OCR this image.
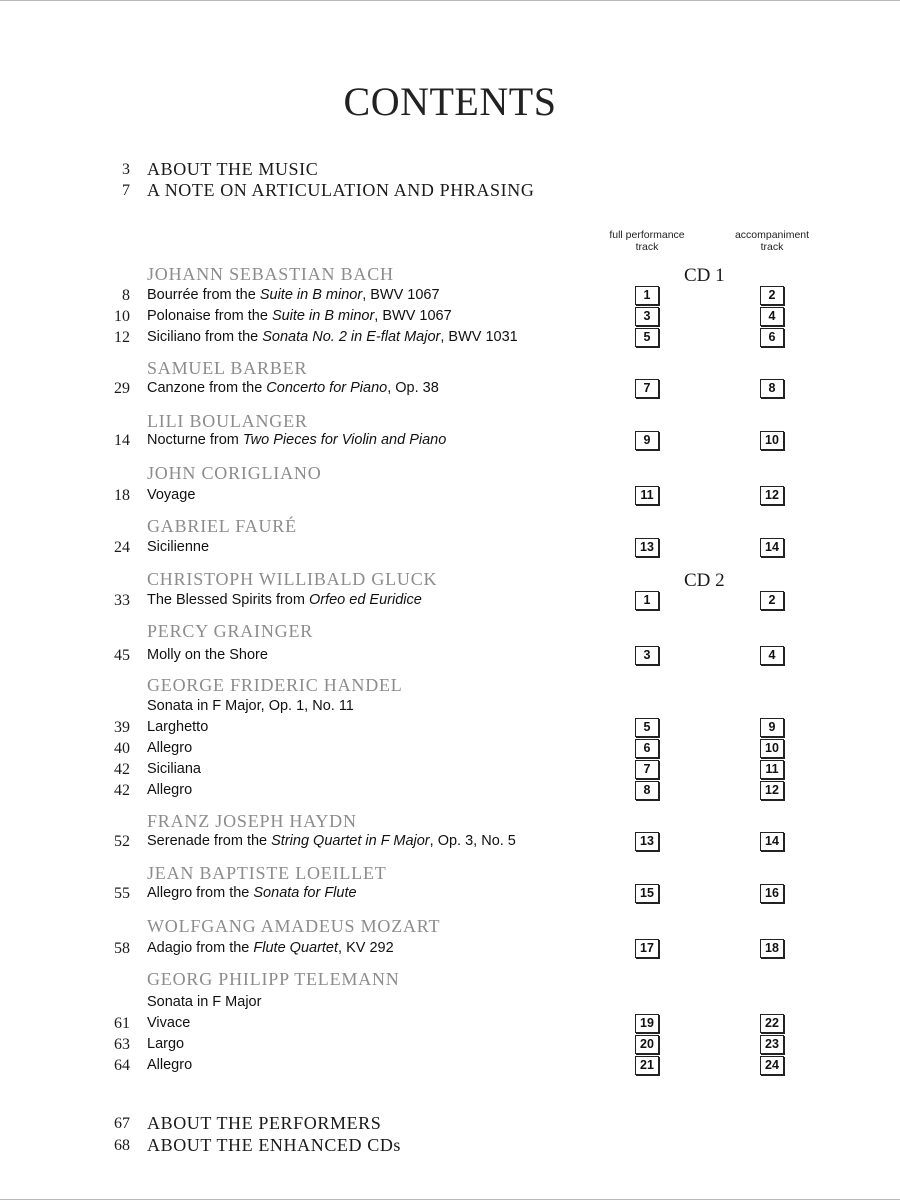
CONTENTS
3 ABOUT THE MUSIC
7 A NOTE ON ARTICULATION AND PHRASING
full performance
track
accompaniment
track
CD 1
CD 2
JOHANN SEBASTIAN BACH
SAMUEL BARBER
LILI BOULANGER
JOHN CORIGLIANO
GABRIEL FAURÉ
CHRISTOPH WILLIBALD GLUCK
PERCY GRAINGER
GEORGE FRIDERIC HANDEL
FRANZ JOSEPH HAYDN
JEAN BAPTISTE LOEILLET
WOLFGANG AMADEUS MOZART
GEORG PHILIPP TELEMANN
8 Bourrée from the Suite in B minor, BWV 1067	1	2
10 Polonaise from the Suite in B minor, BWV 1067	3	4
12 Siciliano from the Sonata No. 2 in E-flat Major, BWV 1031	5	6
29 Canzone from the Concerto for Piano, Op. 38	7	8
14 Nocturne from Two Pieces for Violin and Piano	9	10
18 Voyage	11	12
24 Sicilienne	13	14
33 The Blessed Spirits from Orfeo ed Euridice	1	2
45 Molly on the Shore	3	4
Sonata in F Major, Op. 1, No. 11
39 Larghetto	5	9
40 Allegro	6	10
42 Siciliana	7	11
42 Allegro	8	12
52 Serenade from the String Quartet in F Major, Op. 3, No. 5	13	14
55 Allegro from the Sonata for Flute	15	16
58 Adagio from the Flute Quartet, KV 292	17	18
Sonata in F Major
61 Vivace	19	22
63 Largo	20	23
64 Allegro	21	24
67 ABOUT THE PERFORMERS
68 ABOUT THE ENHANCED CDs
